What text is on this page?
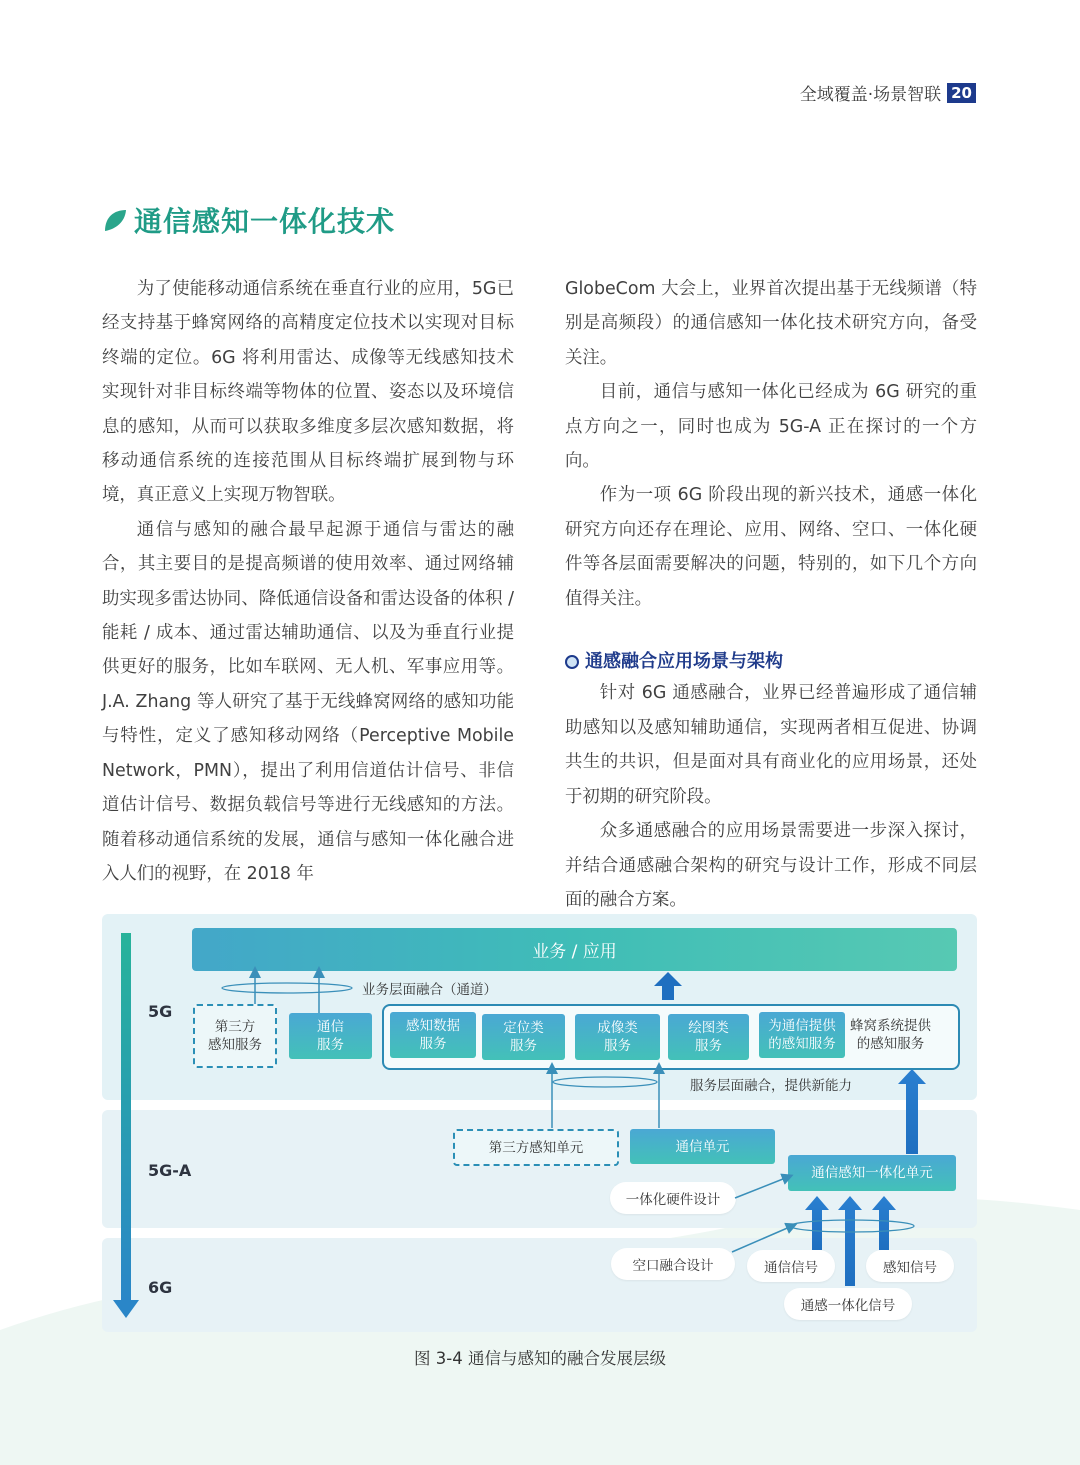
全域覆盖·场景智联 20
通信感知一体化技术

为了使能移动通信系统在垂直行业的应用，5G已经支持基于蜂窝网络的高精度定位技术以实现对目标终端的定位。6G 将利用雷达、成像等无线感知技术实现针对非目标终端等物体的位置、姿态以及环境信息的感知，从而可以获取多维度多层次感知数据，将移动通信系统的连接范围从目标终端扩展到物与环境，真正意义上实现万物智联。

通信与感知的融合最早起源于通信与雷达的融合，其主要目的是提高频谱的使用效率、通过网络辅助实现多雷达协同、降低通信设备和雷达设备的体积 / 能耗 / 成本、通过雷达辅助通信、以及为垂直行业提供更好的服务，比如车联网、无人机、军事应用等。J.A. Zhang 等人研究了基于无线蜂窝网络的感知功能与特性，定义了感知移动网络（Perceptive Mobile Network，PMN），提出了利用信道估计信号、非信道估计信号、数据负载信号等进行无线感知的方法。随着移动通信系统的发展，通信与感知一体化融合进入人们的视野，在 2018 年

GlobeCom 大会上，业界首次提出基于无线频谱（特别是高频段）的通信感知一体化技术研究方向，备受关注。

目前，通信与感知一体化已经成为 6G 研究的重点方向之一，同时也成为 5G-A 正在探讨的一个方向。

作为一项 6G 阶段出现的新兴技术，通感一体化研究方向还存在理论、应用、网络、空口、一体化硬件等各层面需要解决的问题，特别的，如下几个方向值得关注。

通感融合应用场景与架构

针对 6G 通感融合，业界已经普遍形成了通信辅助感知以及感知辅助通信，实现两者相互促进、协调共生的共识，但是面对具有商业化的应用场景，还处于初期的研究阶段。

众多通感融合的应用场景需要进一步深入探讨，并结合通感融合架构的研究与设计工作，形成不同层面的融合方案。

5G
5G-A
6G
业务 / 应用
第三方
感知服务
通信
服务
感知数据
服务
定位类
服务
成像类
服务
绘图类
服务
为通信提供
的感知服务
蜂窝系统提供
的感知服务
业务层面融合（通道）
服务层面融合，提供新能力
第三方感知单元	通信单元
通信感知一体化单元
一体化硬件设计
空口融合设计	通信信号	感知信号
通感一体化信号
图 3-4 通信与感知的融合发展层级
